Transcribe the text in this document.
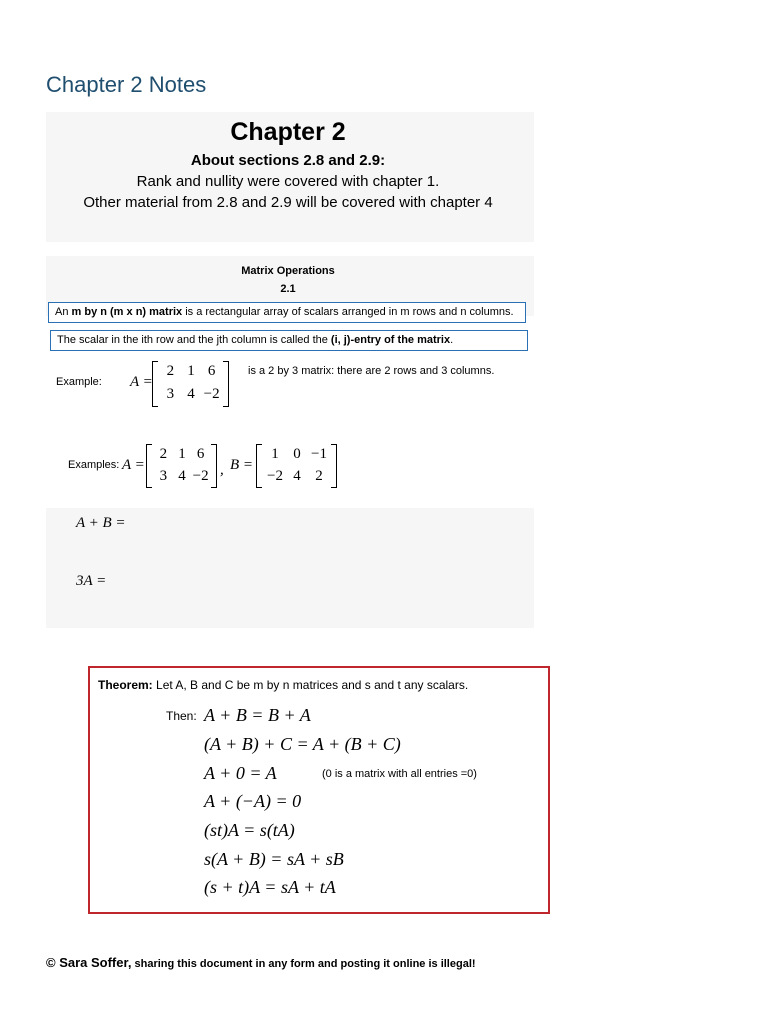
Chapter 2 Notes
Chapter 2
About sections 2.8 and 2.9:
Rank and nullity were covered with chapter 1.
Other material from 2.8 and 2.9 will be covered with chapter 4
Matrix Operations
2.1
An m by n (m x n) matrix is a rectangular array of scalars arranged in m rows and n columns.
The scalar in the ith row and the jth column is called the (i, j)-entry of the matrix.
Example: A =
2 1 6
3 4 −2
is a 2 by 3 matrix: there are 2 rows and 3 columns.
Examples: A =
2 1 6
3 4 −2 , B =
1 0 −1
−2 4 2
A + B =
3A =
Theorem: Let A, B and C be m by n matrices and s and t any scalars.
Then: A + B = B + A
(A + B) + C = A + (B + C)
A + 0 = A	(0 is a matrix with all entries =0)
A + (−A) = 0
(st)A = s(tA)
s(A + B) = sA + sB
(s + t)A = sA + tA
© Sara Soffer, sharing this document in any form and posting it online is illegal!
